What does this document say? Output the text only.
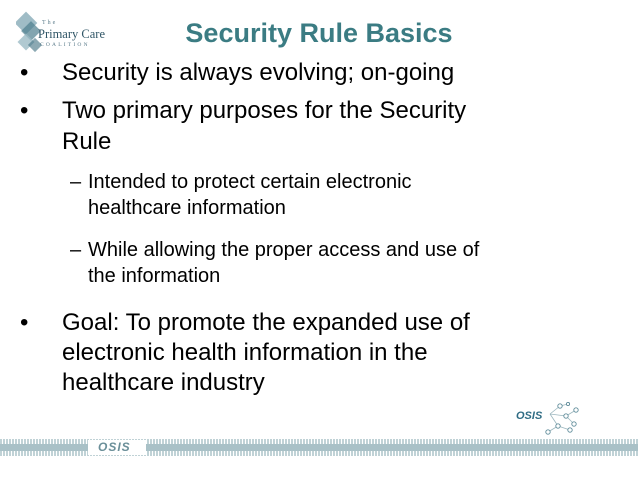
The
Primary Care
COALITION	Security Rule Basics
• Security is always evolving; on-going
• Two primary purposes for the Security
Rule
– Intended to protect certain electronic
healthcare information
– While allowing the proper access and use of
the information
• Goal: To promote the expanded use of
electronic health information in the
healthcare industry
OSIS
OSIS
